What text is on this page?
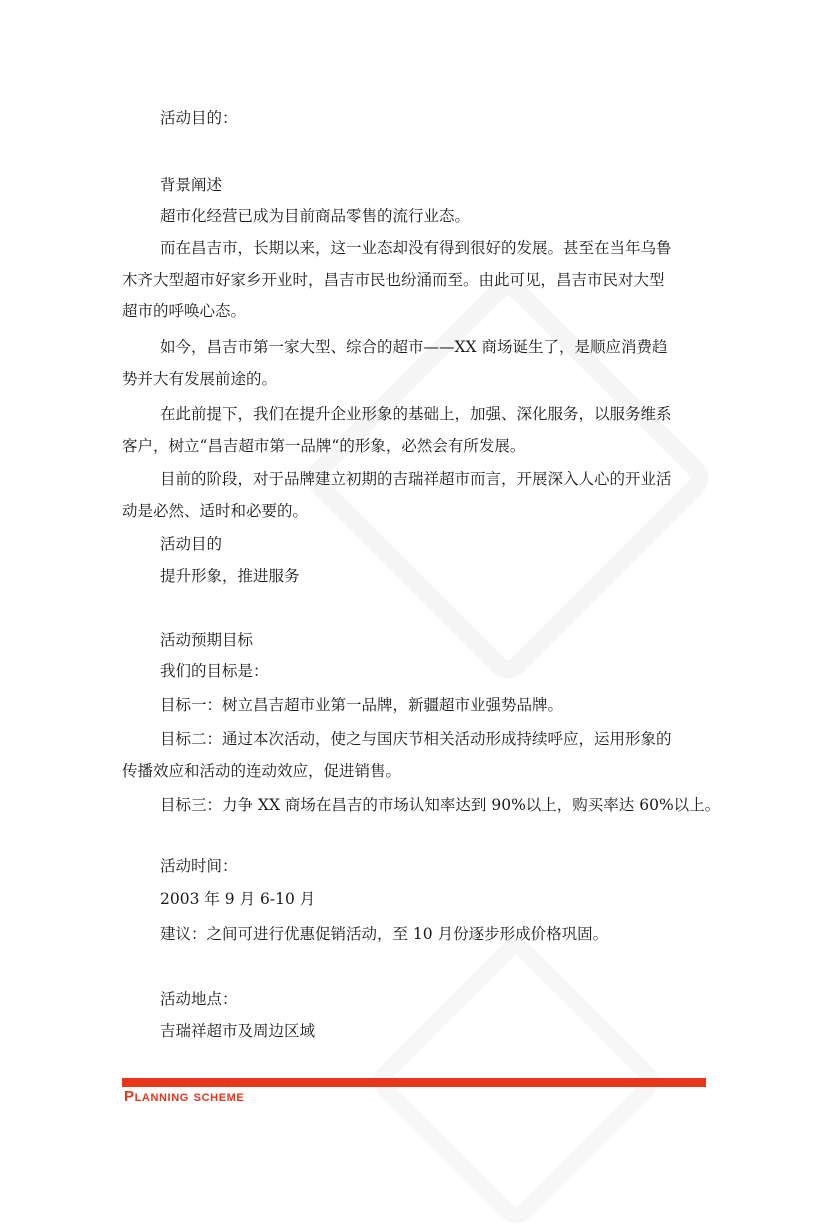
活动目的：
背景阐述
超市化经营已成为目前商品零售的流行业态。
而在昌吉市，长期以来，这一业态却没有得到很好的发展。甚至在当年乌鲁
木齐大型超市好家乡开业时，昌吉市民也纷涌而至。由此可见，昌吉市民对大型
超市的呼唤心态。
如今，昌吉市第一家大型、综合的超市——XX 商场诞生了，是顺应消费趋
势并大有发展前途的。
在此前提下，我们在提升企业形象的基础上，加强、深化服务，以服务维系
客户，树立“昌吉超市第一品牌“的形象，必然会有所发展。
目前的阶段，对于品牌建立初期的吉瑞祥超市而言，开展深入人心的开业活
动是必然、适时和必要的。
活动目的
提升形象，推进服务
活动预期目标
我们的目标是：
目标一：树立昌吉超市业第一品牌，新疆超市业强势品牌。
目标二：通过本次活动，使之与国庆节相关活动形成持续呼应，运用形象的
传播效应和活动的连动效应，促进销售。
目标三：力争 XX 商场在昌吉的市场认知率达到 90%以上，购买率达 60%以上。
活动时间：
2003 年 9 月 6-10 月
建议：之间可进行优惠促销活动，至 10 月份逐步形成价格巩固。
活动地点：
吉瑞祥超市及周边区域
Planning scheme
